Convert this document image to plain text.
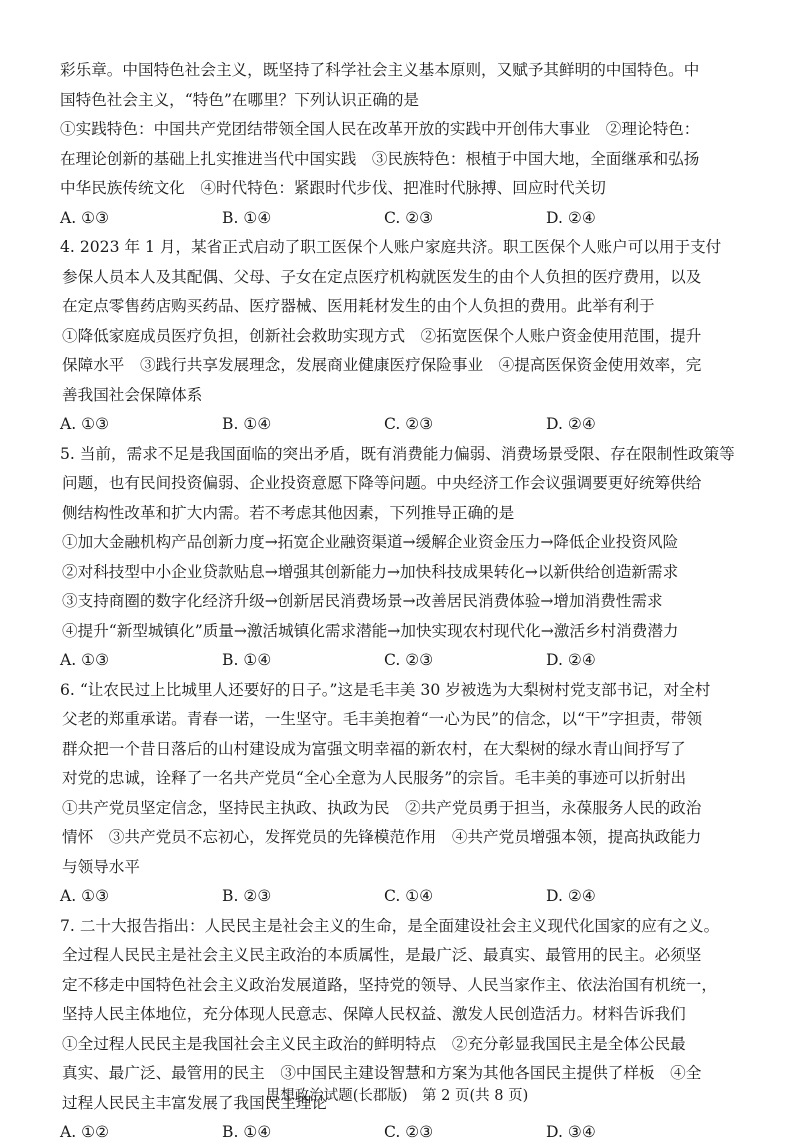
彩乐章。中国特色社会主义，既坚持了科学社会主义基本原则，又赋予其鲜明的中国特色。中
国特色社会主义，“特色”在哪里？下列认识正确的是
①实践特色：中国共产党团结带领全国人民在改革开放的实践中开创伟大事业　②理论特色：
在理论创新的基础上扎实推进当代中国实践　③民族特色：根植于中国大地，全面继承和弘扬
中华民族传统文化　④时代特色：紧跟时代步伐、把准时代脉搏、回应时代关切
A. ①③	B. ①④	C. ②③	D. ②④
4. 2023 年 1 月，某省正式启动了职工医保个人账户家庭共济。职工医保个人账户可以用于支付
参保人员本人及其配偶、父母、子女在定点医疗机构就医发生的由个人负担的医疗费用，以及
在定点零售药店购买药品、医疗器械、医用耗材发生的由个人负担的费用。此举有利于
①降低家庭成员医疗负担，创新社会救助实现方式　②拓宽医保个人账户资金使用范围，提升
保障水平　③践行共享发展理念，发展商业健康医疗保险事业　④提高医保资金使用效率，完
善我国社会保障体系
A. ①③	B. ①④	C. ②③	D. ②④
5. 当前，需求不足是我国面临的突出矛盾，既有消费能力偏弱、消费场景受限、存在限制性政策等
问题，也有民间投资偏弱、企业投资意愿下降等问题。中央经济工作会议强调要更好统筹供给
侧结构性改革和扩大内需。若不考虑其他因素，下列推导正确的是
①加大金融机构产品创新力度→拓宽企业融资渠道→缓解企业资金压力→降低企业投资风险
②对科技型中小企业贷款贴息→增强其创新能力→加快科技成果转化→以新供给创造新需求
③支持商圈的数字化经济升级→创新居民消费场景→改善居民消费体验→增加消费性需求
④提升“新型城镇化”质量→激活城镇化需求潜能→加快实现农村现代化→激活乡村消费潜力
A. ①③	B. ①④	C. ②③	D. ②④
6. “让农民过上比城里人还要好的日子。”这是毛丰美 30 岁被选为大梨树村党支部书记，对全村
父老的郑重承诺。青春一诺，一生坚守。毛丰美抱着“一心为民”的信念，以“干”字担责，带领
群众把一个昔日落后的山村建设成为富强文明幸福的新农村，在大梨树的绿水青山间抒写了
对党的忠诚，诠释了一名共产党员“全心全意为人民服务”的宗旨。毛丰美的事迹可以折射出
①共产党员坚定信念，坚持民主执政、执政为民　②共产党员勇于担当，永葆服务人民的政治
情怀　③共产党员不忘初心，发挥党员的先锋模范作用　④共产党员增强本领，提高执政能力
与领导水平
A. ①③	B. ②③	C. ①④	D. ②④
7. 二十大报告指出：人民民主是社会主义的生命，是全面建设社会主义现代化国家的应有之义。
全过程人民民主是社会主义民主政治的本质属性，是最广泛、最真实、最管用的民主。必须坚
定不移走中国特色社会主义政治发展道路，坚持党的领导、人民当家作主、依法治国有机统一，
坚持人民主体地位，充分体现人民意志、保障人民权益、激发人民创造活力。材料告诉我们
①全过程人民民主是我国社会主义民主政治的鲜明特点　②充分彰显我国民主是全体公民最
真实、最广泛、最管用的民主　③中国民主建设智慧和方案为其他各国民主提供了样板　④全
过程人民民主丰富发展了我国民主理论
A. ①②	B. ①④	C. ②③	D. ③④
思想政治试题(长郡版)　第 2 页(共 8 页)
